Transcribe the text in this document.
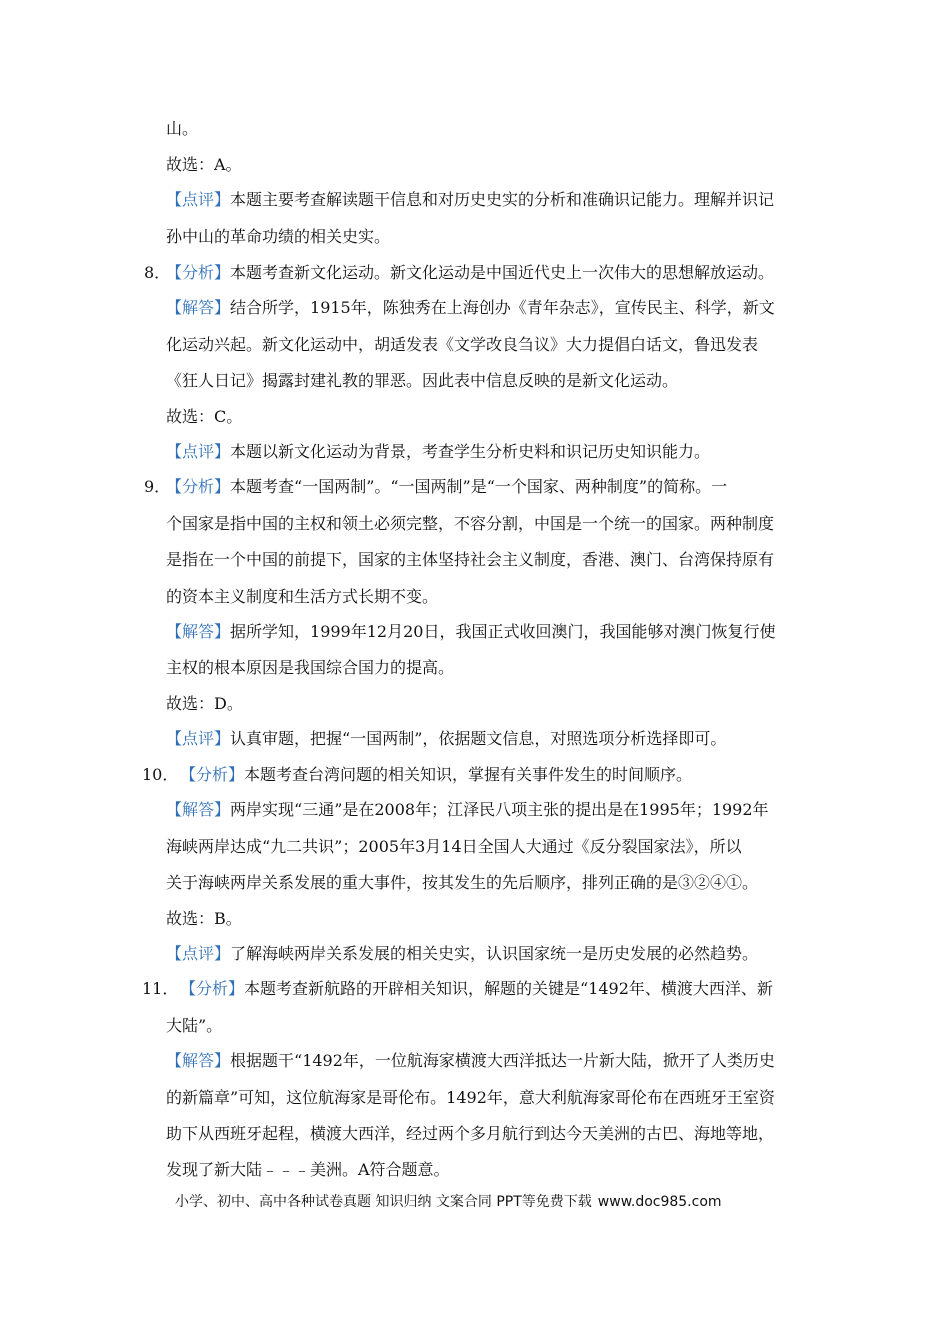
山。
故选：A。
【点评】本题主要考查解读题干信息和对历史史实的分析和准确识记能力。理解并识记
孙中山的革命功绩的相关史实。
8．
【分析】本题考查新文化运动。新文化运动是中国近代史上一次伟大的思想解放运动。
【解答】结合所学，1915年，陈独秀在上海创办《青年杂志》，宣传民主、科学，新文
化运动兴起。新文化运动中，胡适发表《文学改良刍议》大力提倡白话文，鲁迅发表
《狂人日记》揭露封建礼教的罪恶。因此表中信息反映的是新文化运动。
故选：C。
【点评】本题以新文化运动为背景，考查学生分析史料和识记历史知识能力。
9．
【分析】本题考查“一国两制”。“一国两制”是“一个国家、两种制度”的简称。一
个国家是指中国的主权和领土必须完整，不容分割，中国是一个统一的国家。两种制度
是指在一个中国的前提下，国家的主体坚持社会主义制度，香港、澳门、台湾保持原有
的资本主义制度和生活方式长期不变。
【解答】据所学知，1999年12月20日，我国正式收回澳门，我国能够对澳门恢复行使
主权的根本原因是我国综合国力的提高。
故选：D。
【点评】认真审题，把握“一国两制”，依据题文信息，对照选项分析选择即可。
10． 【分析】本题考查台湾问题的相关知识，掌握有关事件发生的时间顺序。
【解答】两岸实现“三通”是在2008年；江泽民八项主张的提出是在1995年；1992年
海峡两岸达成“九二共识”；2005年3月14日全国人大通过《反分裂国家法》，所以
关于海峡两岸关系发展的重大事件，按其发生的先后顺序，排列正确的是③②④①。
故选：B。
【点评】了解海峡两岸关系发展的相关史实，认识国家统一是历史发展的必然趋势。
11． 【分析】本题考查新航路的开辟相关知识，解题的关键是“1492年、横渡大西洋、新
大陆”。
【解答】根据题干“1492年，一位航海家横渡大西洋抵达一片新大陆，掀开了人类历史
的新篇章”可知，这位航海家是哥伦布。1492年，意大利航海家哥伦布在西班牙王室资
助下从西班牙起程，横渡大西洋，经过两个多月航行到达今天美洲的古巴、海地等地，
发现了新大陆﹣﹣﹣美洲。A符合题意。
小学、初中、高中各种试卷真题 知识归纳 文案合同 PPT等免费下载 www.doc985.com
